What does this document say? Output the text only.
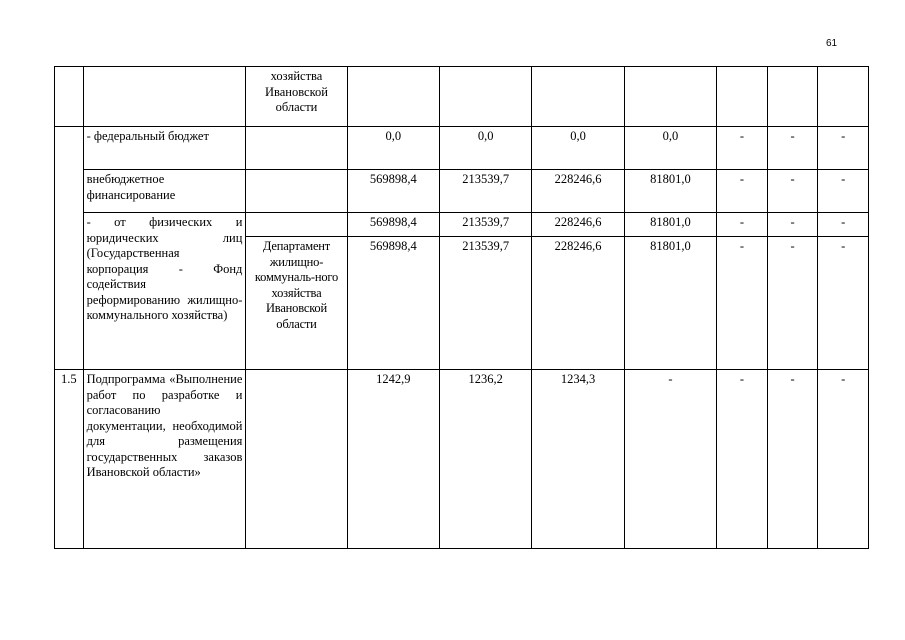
61
		хозяйства Ивановской области							
	- федеральный бюджет		0,0	0,0	0,0	0,0	-	-	-
	внебюджетное финансирование		569898,4	213539,7	228246,6	81801,0	-	-	-
	- от физических и юридических лиц (Государственная корпорация - Фонд содействия реформированию жилищно-коммунального хозяйства)		569898,4	213539,7	228246,6	81801,0	-	-	-
		Департамент жилищно-коммуналь-ного хозяйства Ивановской области	569898,4	213539,7	228246,6	81801,0	-	-	-
1.5	Подпрограмма «Выполнение работ по разработке и согласованию документации, необходимой для размещения государственных заказов Ивановской области»		1242,9	1236,2	1234,3	-	-	-	-
